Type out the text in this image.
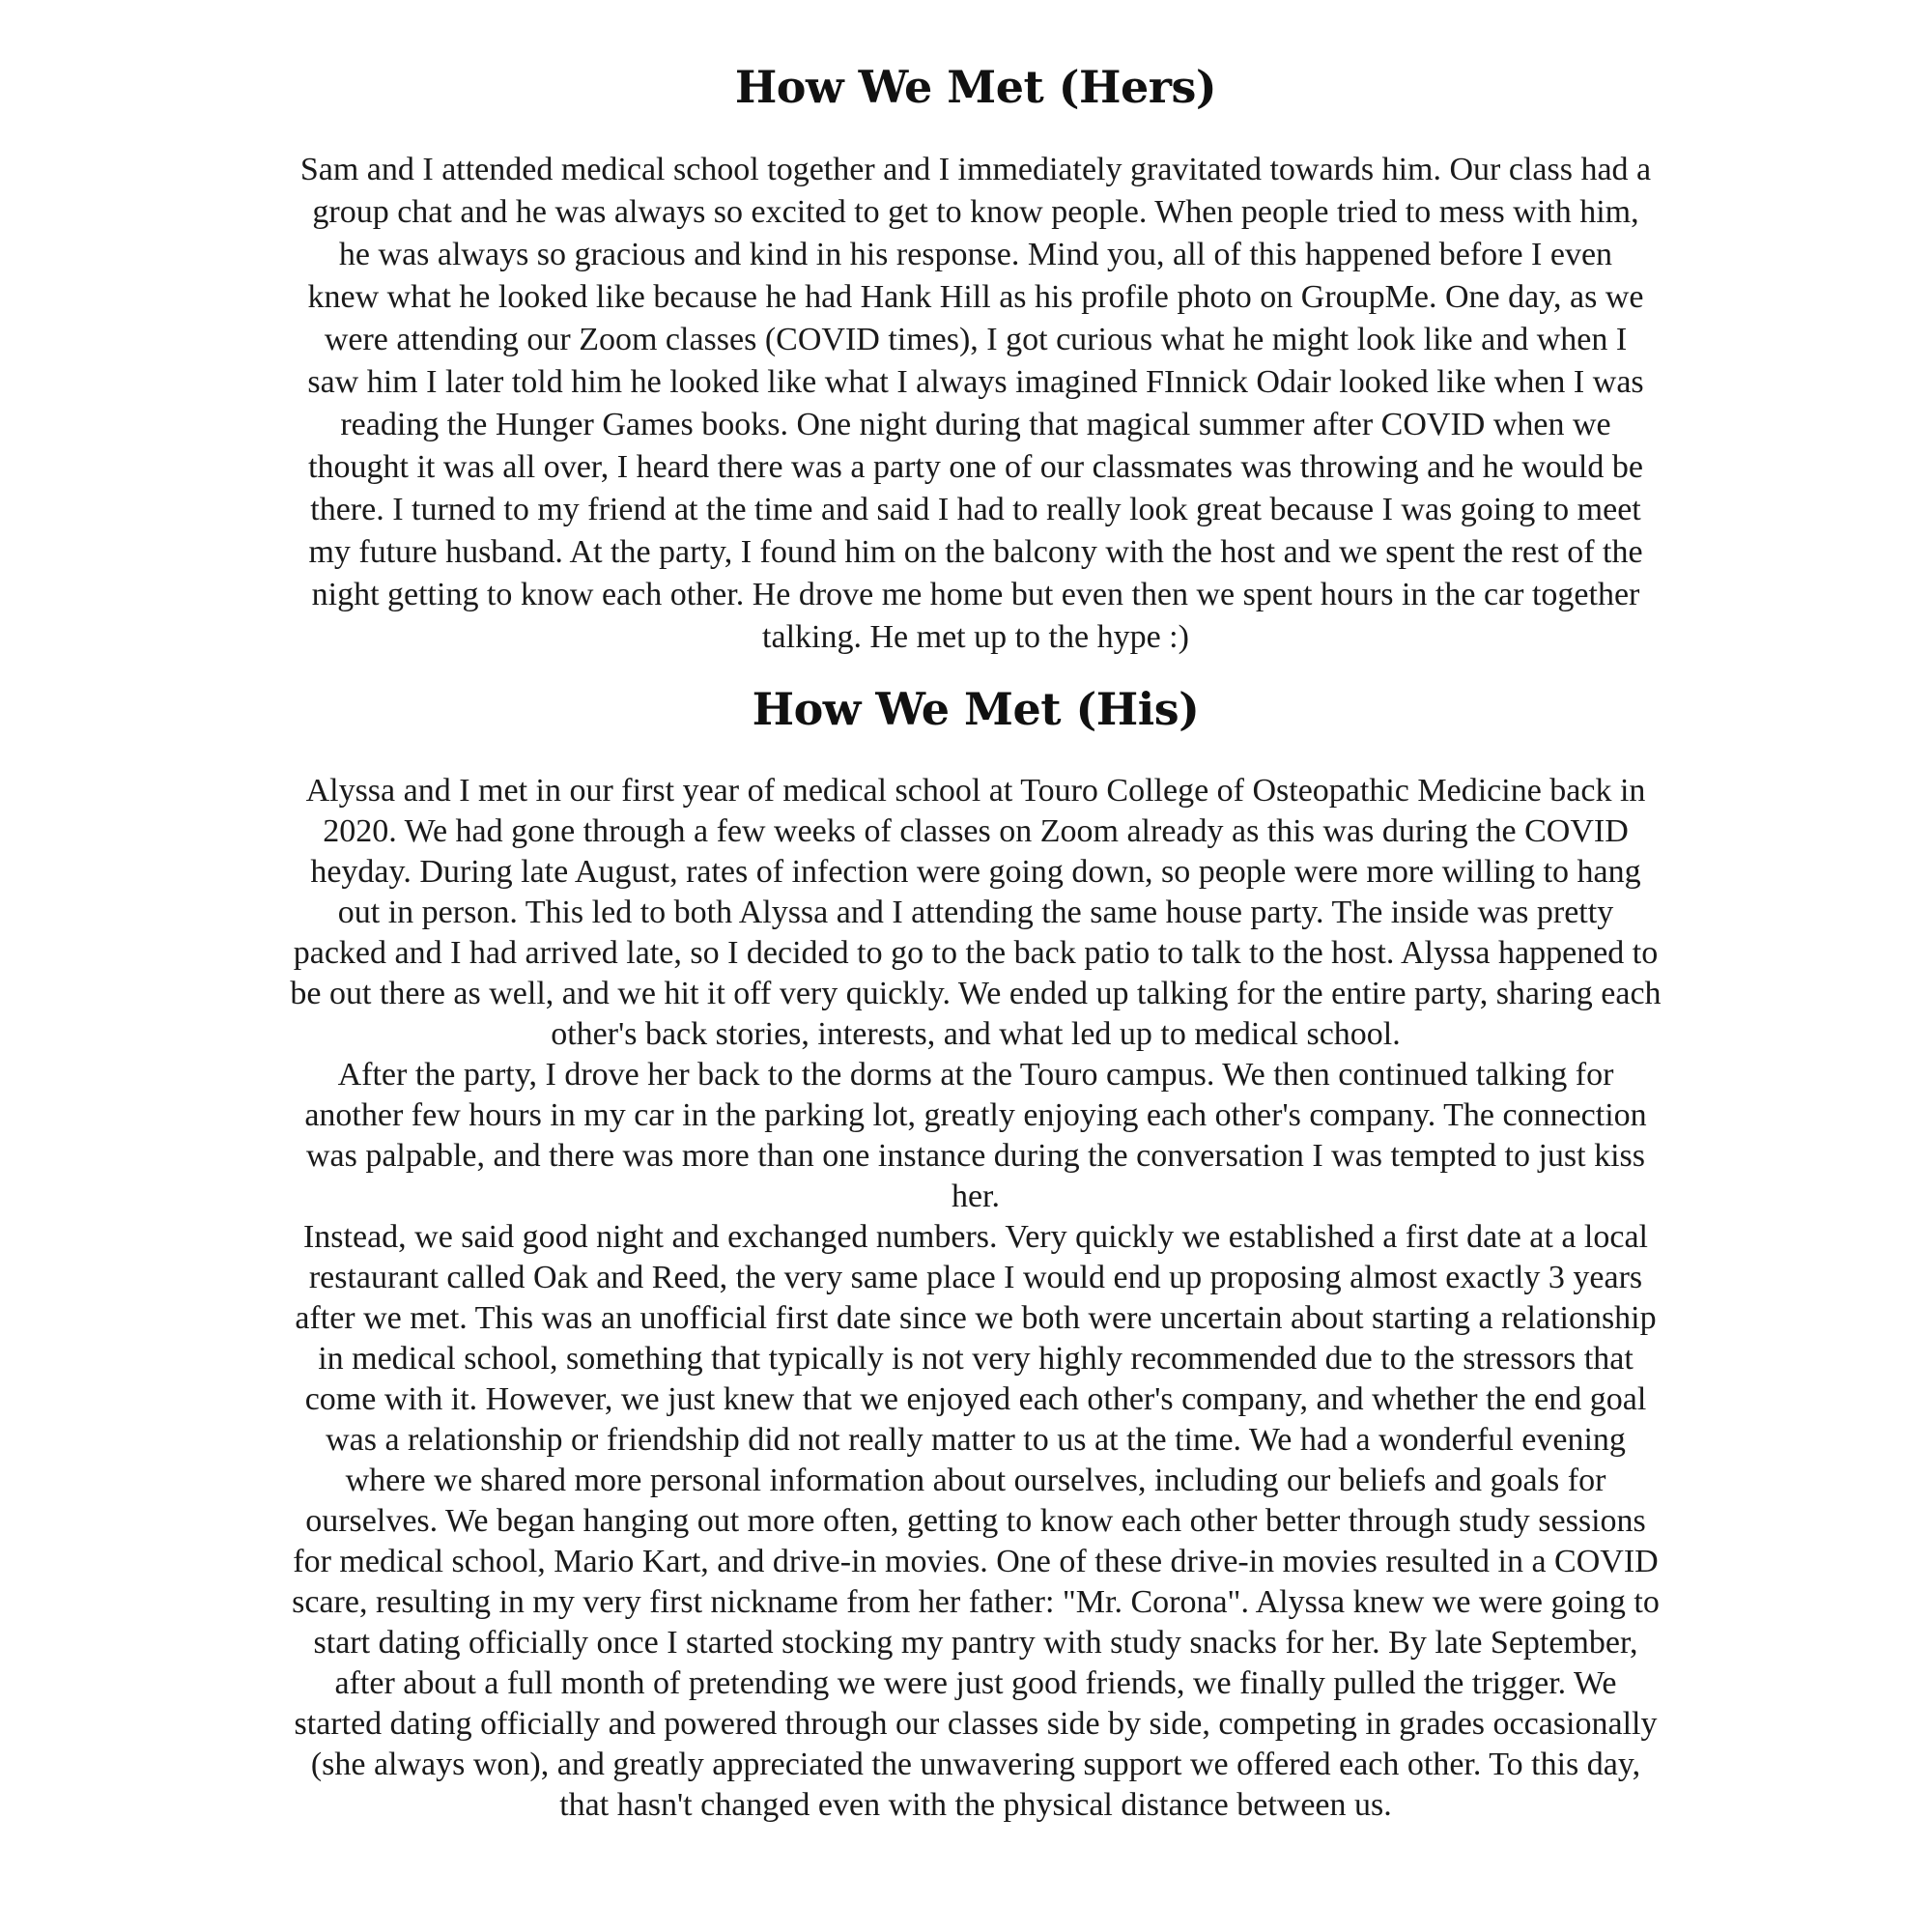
How We Met (Hers)

Sam and I attended medical school together and I immediately gravitated towards him. Our class had a group chat and he was always so excited to get to know people. When people tried to mess with him, he was always so gracious and kind in his response. Mind you, all of this happened before I even knew what he looked like because he had Hank Hill as his profile photo on GroupMe. One day, as we were attending our Zoom classes (COVID times), I got curious what he might look like and when I saw him I later told him he looked like what I always imagined FInnick Odair looked like when I was reading the Hunger Games books. One night during that magical summer after COVID when we thought it was all over, I heard there was a party one of our classmates was throwing and he would be there. I turned to my friend at the time and said I had to really look great because I was going to meet my future husband. At the party, I found him on the balcony with the host and we spent the rest of the night getting to know each other. He drove me home but even then we spent hours in the car together talking. He met up to the hype :)

How We Met (His)

Alyssa and I met in our first year of medical school at Touro College of Osteopathic Medicine back in 2020. We had gone through a few weeks of classes on Zoom already as this was during the COVID heyday. During late August, rates of infection were going down, so people were more willing to hang out in person. This led to both Alyssa and I attending the same house party. The inside was pretty packed and I had arrived late, so I decided to go to the back patio to talk to the host. Alyssa happened to be out there as well, and we hit it off very quickly. We ended up talking for the entire party, sharing each other's back stories, interests, and what led up to medical school.

After the party, I drove her back to the dorms at the Touro campus. We then continued talking for another few hours in my car in the parking lot, greatly enjoying each other's company. The connection was palpable, and there was more than one instance during the conversation I was tempted to just kiss her.

Instead, we said good night and exchanged numbers. Very quickly we established a first date at a local restaurant called Oak and Reed, the very same place I would end up proposing almost exactly 3 years after we met. This was an unofficial first date since we both were uncertain about starting a relationship in medical school, something that typically is not very highly recommended due to the stressors that come with it. However, we just knew that we enjoyed each other's company, and whether the end goal was a relationship or friendship did not really matter to us at the time. We had a wonderful evening where we shared more personal information about ourselves, including our beliefs and goals for ourselves. We began hanging out more often, getting to know each other better through study sessions for medical school, Mario Kart, and drive-in movies. One of these drive-in movies resulted in a COVID scare, resulting in my very first nickname from her father: "Mr. Corona". Alyssa knew we were going to start dating officially once I started stocking my pantry with study snacks for her. By late September, after about a full month of pretending we were just good friends, we finally pulled the trigger. We started dating officially and powered through our classes side by side, competing in grades occasionally (she always won), and greatly appreciated the unwavering support we offered each other. To this day, that hasn't changed even with the physical distance between us.
